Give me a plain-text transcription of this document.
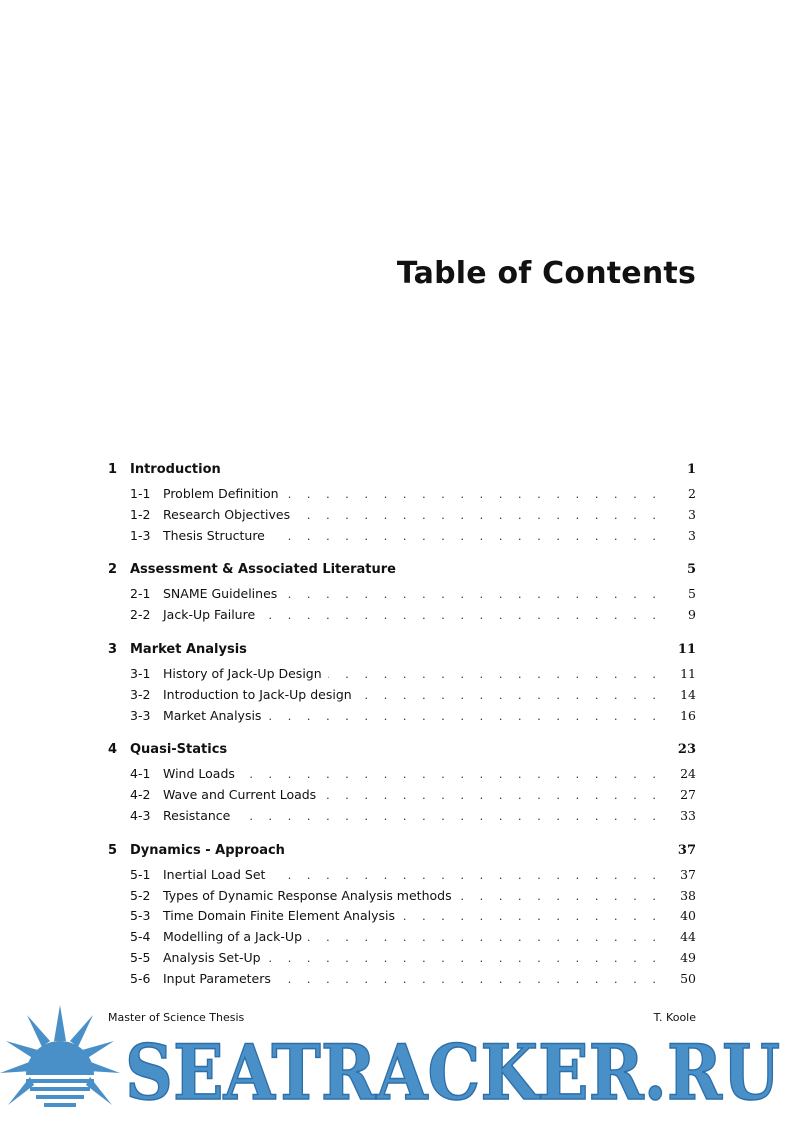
Table of Contents
1 Introduction	1
1-1	Problem Definition . . .	2
1-2	Research Objectives . . .	3
1-3	Thesis Structure . . .	3
2 Assessment & Associated Literature	5
2-1	SNAME Guidelines . . .	5
2-2	Jack-Up Failure . . .	9
3 Market Analysis	11
3-1	History of Jack-Up Design . . .	11
3-2	Introduction to Jack-Up design . . .	14
3-3	Market Analysis . . .	16
4 Quasi-Statics	23
4-1	Wind Loads . . .	24
4-2	Wave and Current Loads . . .	27
4-3	Resistance . . .	33
5 Dynamics - Approach	37
5-1	Inertial Load Set . . .	37
5-2	Types of Dynamic Response Analysis methods . . .	38
5-3	Time Domain Finite Element Analysis . . .	40
5-4	Modelling of a Jack-Up . . .	44
5-5	Analysis Set-Up . . .	49
5-6	Input Parameters . . .	50
Master of Science Thesis	T. Koole
SEATRACKER.RU
